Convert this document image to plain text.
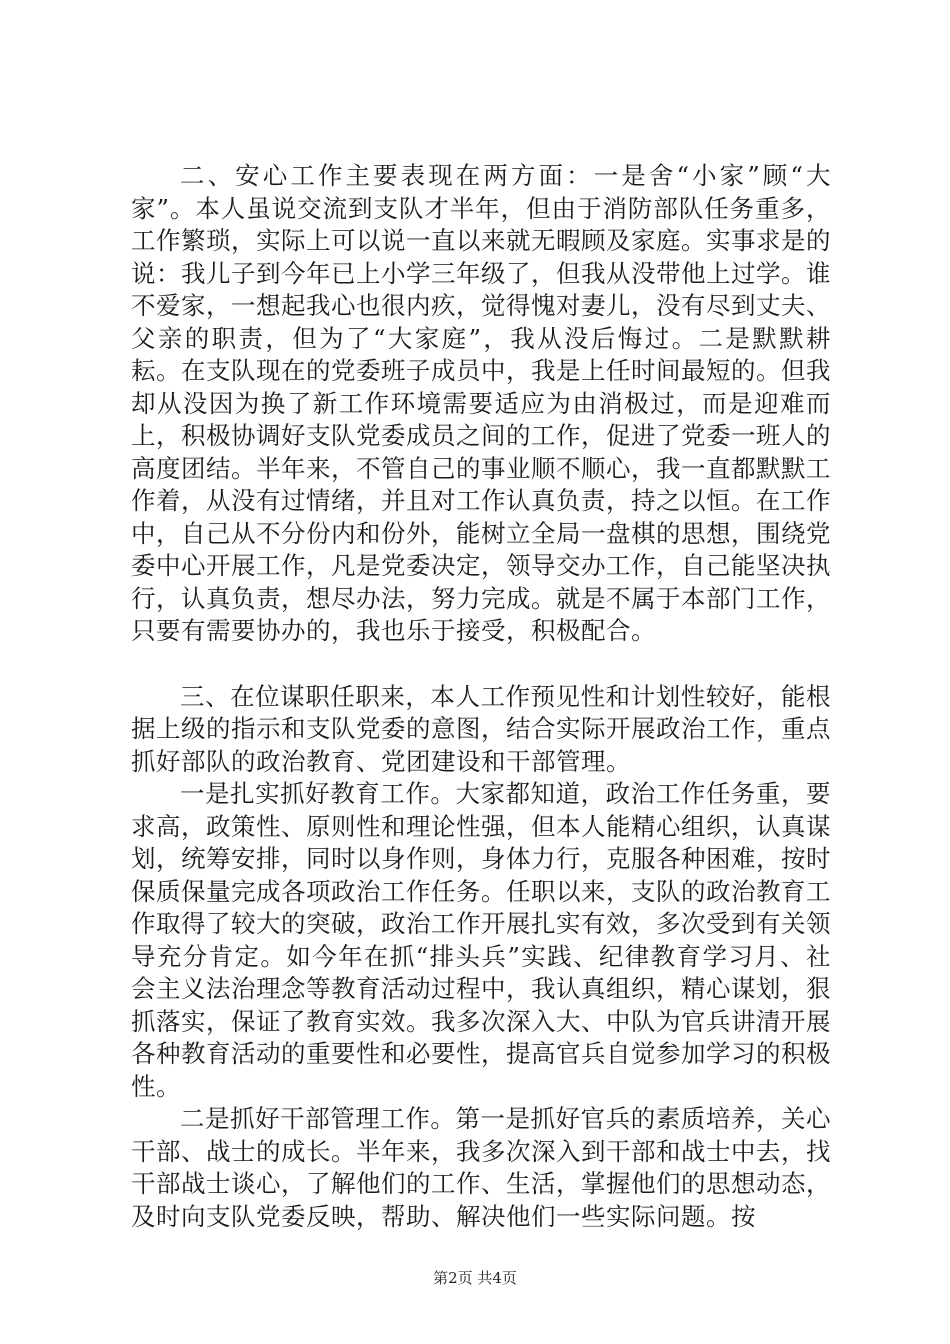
二、安心工作主要表现在两方面：一是舍“小家”顾“大家”。本人虽说交流到支队才半年，但由于消防部队任务重多，工作繁琐，实际上可以说一直以来就无暇顾及家庭。实事求是的说：我儿子到今年已上小学三年级了，但我从没带他上过学。谁不爱家，一想起我心也很内疚，觉得愧对妻儿，没有尽到丈夫、父亲的职责，但为了“大家庭”，我从没后悔过。二是默默耕耘。在支队现在的党委班子成员中，我是上任时间最短的。但我却从没因为换了新工作环境需要适应为由消极过，而是迎难而上，积极协调好支队党委成员之间的工作，促进了党委一班人的高度团结。半年来，不管自己的事业顺不顺心，我一直都默默工作着，从没有过情绪，并且对工作认真负责，持之以恒。在工作中，自己从不分份内和份外，能树立全局一盘棋的思想，围绕党委中心开展工作，凡是党委决定，领导交办工作，自己能坚决执行，认真负责，想尽办法，努力完成。就是不属于本部门工作，只要有需要协办的，我也乐于接受，积极配合。

三、在位谋职任职来，本人工作预见性和计划性较好，能根据上级的指示和支队党委的意图，结合实际开展政治工作，重点抓好部队的政治教育、党团建设和干部管理。

一是扎实抓好教育工作。大家都知道，政治工作任务重，要求高，政策性、原则性和理论性强，但本人能精心组织，认真谋划，统筹安排，同时以身作则，身体力行，克服各种困难，按时保质保量完成各项政治工作任务。任职以来，支队的政治教育工作取得了较大的突破，政治工作开展扎实有效，多次受到有关领导充分肯定。如今年在抓“排头兵”实践、纪律教育学习月、社会主义法治理念等教育活动过程中，我认真组织，精心谋划，狠抓落实，保证了教育实效。我多次深入大、中队为官兵讲清开展各种教育活动的重要性和必要性，提高官兵自觉参加学习的积极性。

二是抓好干部管理工作。第一是抓好官兵的素质培养，关心干部、战士的成长。半年来，我多次深入到干部和战士中去，找干部战士谈心，了解他们的工作、生活，掌握他们的思想动态，及时向支队党委反映，帮助、解决他们一些实际问题。按

第2页 共4页
